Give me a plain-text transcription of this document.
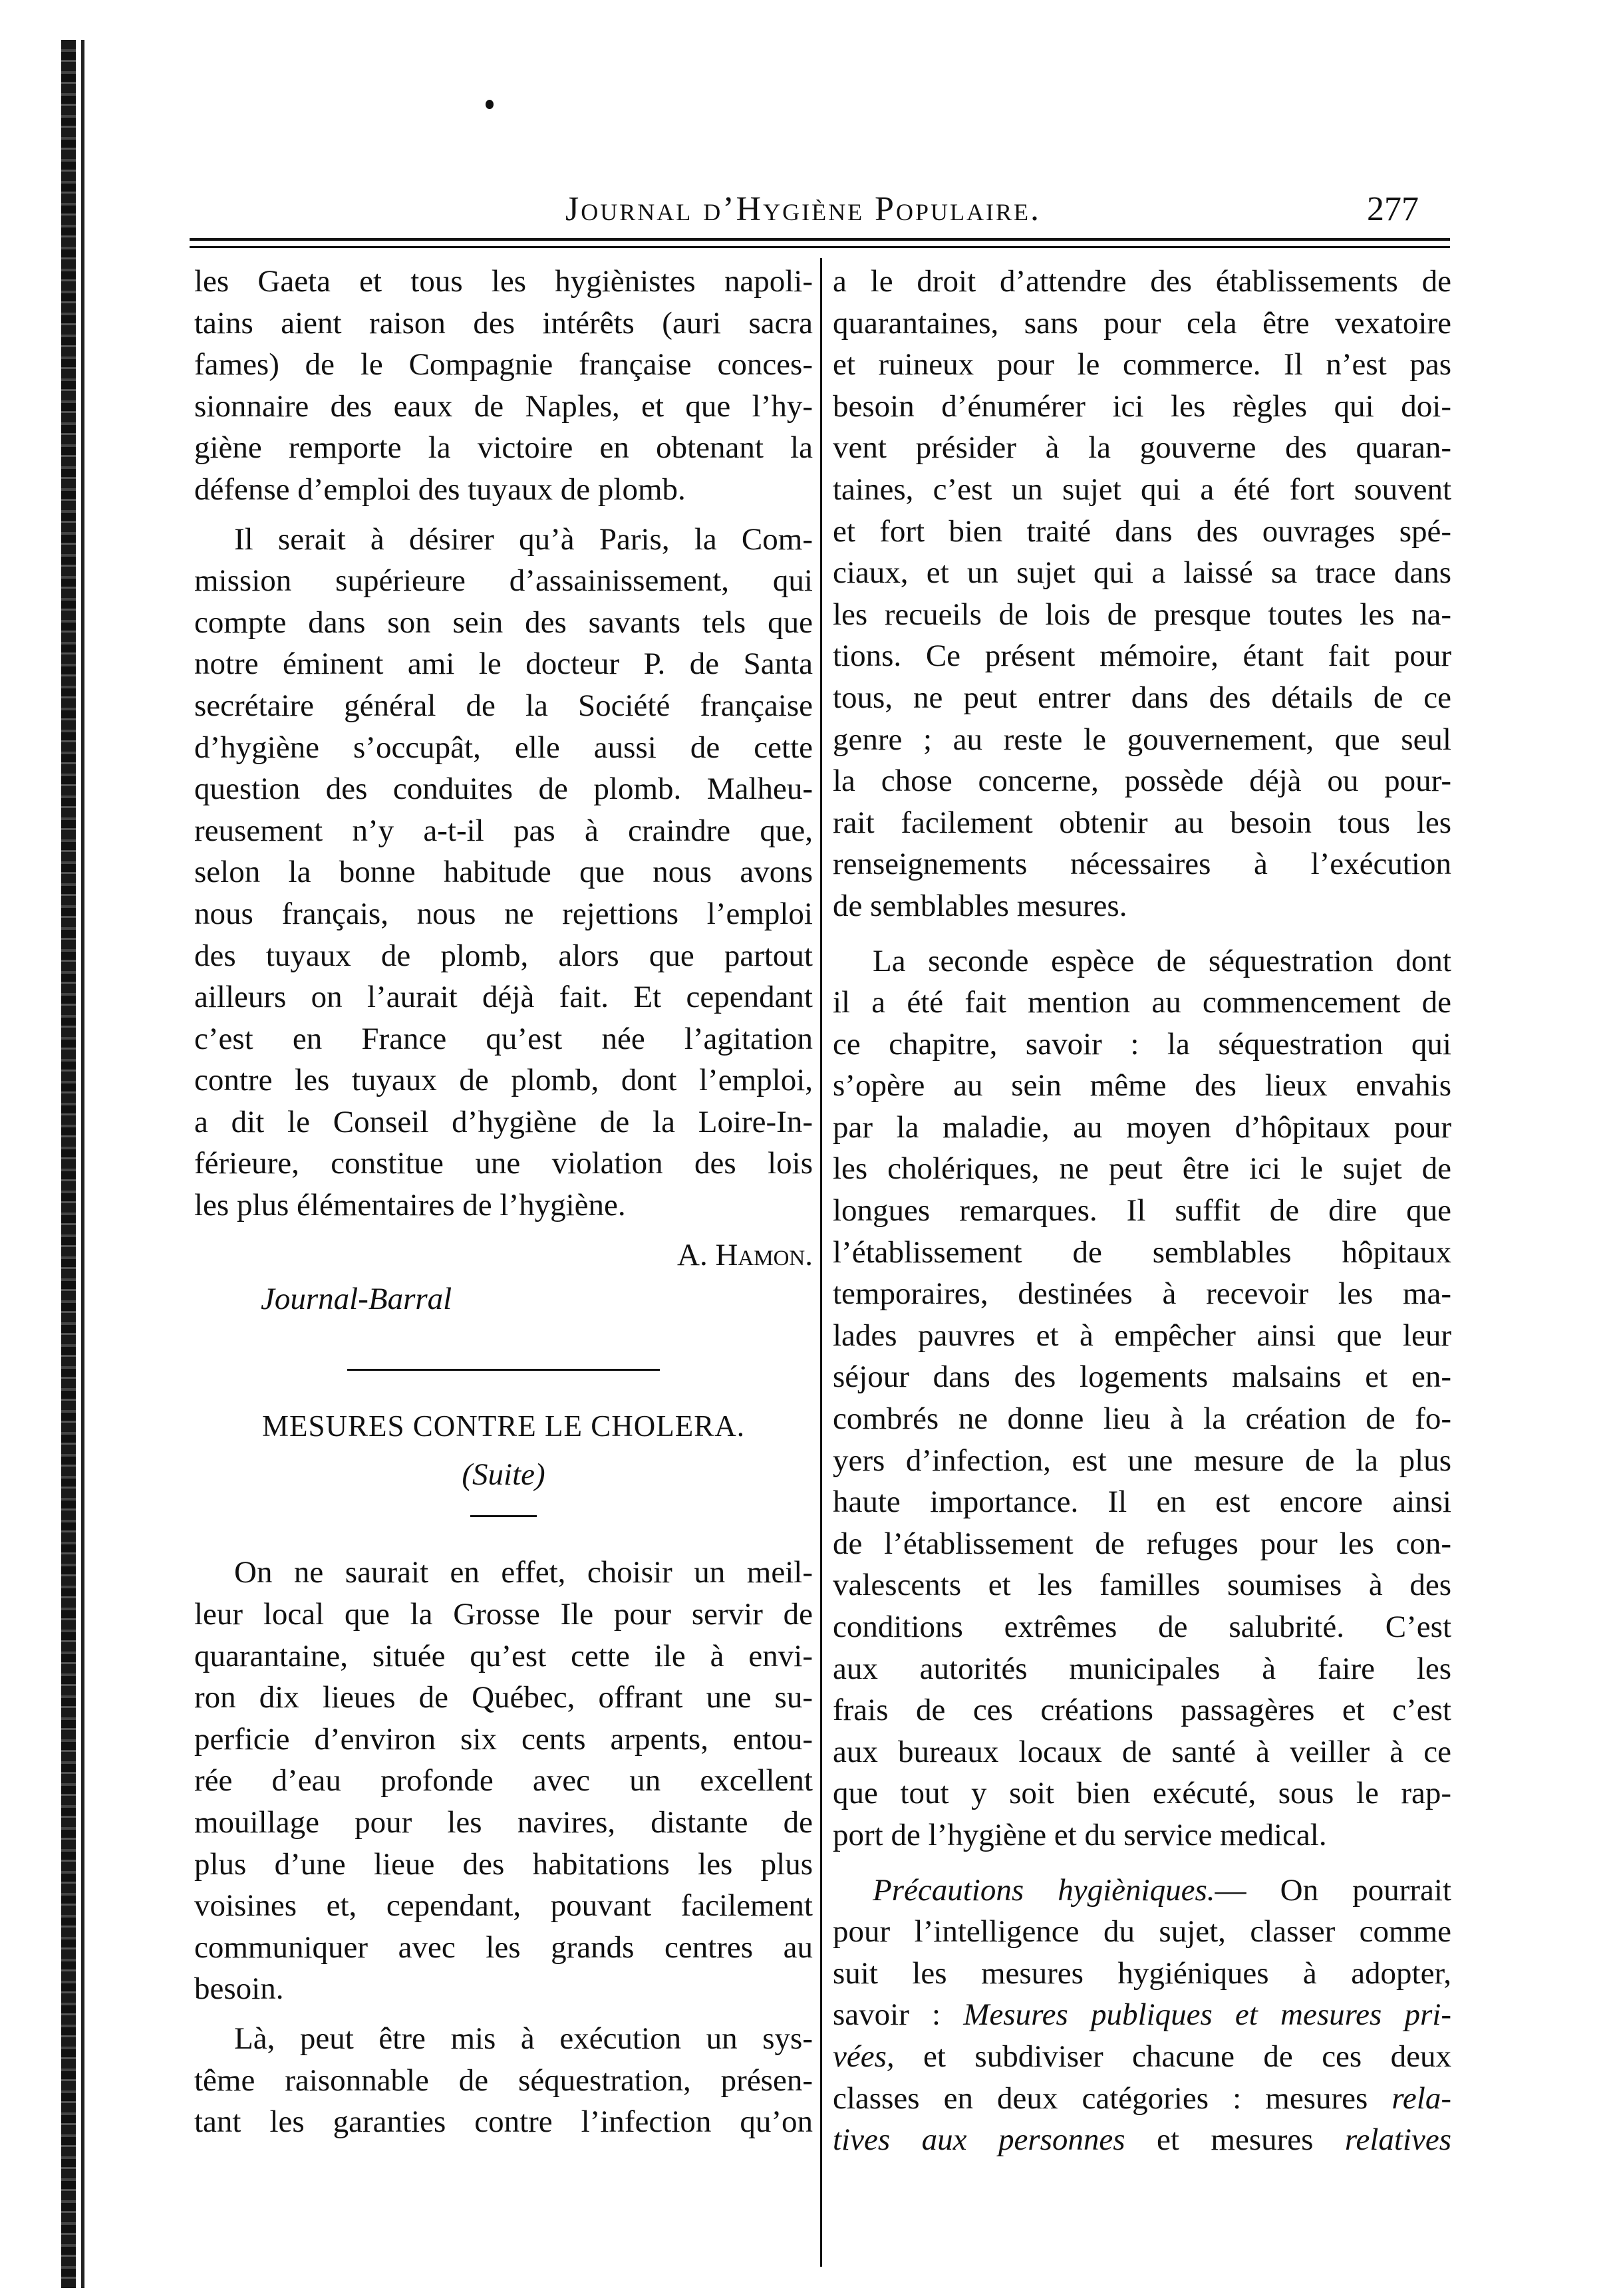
Journal d’Hygiène Populaire.	277

les Gaeta et tous les hygiènistes napoli-
tains aient raison des intérêts (auri sacra
fames) de le Compagnie française conces-
sionnaire des eaux de Naples, et que l’hy-
giène remporte la victoire en obtenant la
défense d’emploi des tuyaux de plomb.

Il serait à désirer qu’à Paris, la Com-
mission supérieure d’assainissement, qui
compte dans son sein des savants tels que
notre éminent ami le docteur P. de Santa
secrétaire général de la Société française
d’hygiène s’occupât, elle aussi de cette
question des conduites de plomb. Malheu-
reusement n’y a-t-il pas à craindre que,
selon la bonne habitude que nous avons
nous français, nous ne rejettions l’emploi
des tuyaux de plomb, alors que partout
ailleurs on l’aurait déjà fait. Et cependant
c’est en France qu’est née l’agitation
contre les tuyaux de plomb, dont l’emploi,
a dit le Conseil d’hygiène de la Loire-In-
férieure, constitue une violation des lois
les plus élémentaires de l’hygiène.

A. Hamon.
Journal-Barral
MESURES CONTRE LE CHOLERA.
(Suite)

On ne saurait en effet, choisir un meil-
leur local que la Grosse Ile pour servir de
quarantaine, située qu’est cette ile à envi-
ron dix lieues de Québec, offrant une su-
perficie d’environ six cents arpents, entou-
rée d’eau profonde avec un excellent
mouillage pour les navires, distante de
plus d’une lieue des habitations les plus
voisines et, cependant, pouvant facilement
communiquer avec les grands centres au
besoin.

Là, peut être mis à exécution un sys-
tême raisonnable de séquestration, présen-
tant les garanties contre l’infection qu’on

a le droit d’attendre des établissements de
quarantaines, sans pour cela être vexatoire
et ruineux pour le commerce. Il n’est pas
besoin d’énumérer ici les règles qui doi-
vent présider à la gouverne des quaran-
taines, c’est un sujet qui a été fort souvent
et fort bien traité dans des ouvrages spé-
ciaux, et un sujet qui a laissé sa trace dans
les recueils de lois de presque toutes les na-
tions. Ce présent mémoire, étant fait pour
tous, ne peut entrer dans des détails de ce
genre ; au reste le gouvernement, que seul
la chose concerne, possède déjà ou pour-
rait facilement obtenir au besoin tous les
renseignements nécessaires à l’exécution
de semblables mesures.

La seconde espèce de séquestration dont
il a été fait mention au commencement de
ce chapitre, savoir : la séquestration qui
s’opère au sein même des lieux envahis
par la maladie, au moyen d’hôpitaux pour
les cholériques, ne peut être ici le sujet de
longues remarques. Il suffit de dire que
l’établissement de semblables hôpitaux
temporaires, destinées à recevoir les ma-
lades pauvres et à empêcher ainsi que leur
séjour dans des logements malsains et en-
combrés ne donne lieu à la création de fo-
yers d’infection, est une mesure de la plus
haute importance. Il en est encore ainsi
de l’établissement de refuges pour les con-
valescents et les familles soumises à des
conditions extrêmes de salubrité. C’est
aux autorités municipales à faire les
frais de ces créations passagères et c’est
aux bureaux locaux de santé à veiller à ce
que tout y soit bien exécuté, sous le rap-
port de l’hygiène et du service medical.

Précautions hygièniques.— On pourrait
pour l’intelligence du sujet, classer comme
suit les mesures hygiéniques à adopter,
savoir : Mesures publiques et mesures pri-
vées, et subdiviser chacune de ces deux
classes en deux catégories : mesures rela-
tives aux personnes et mesures relatives
